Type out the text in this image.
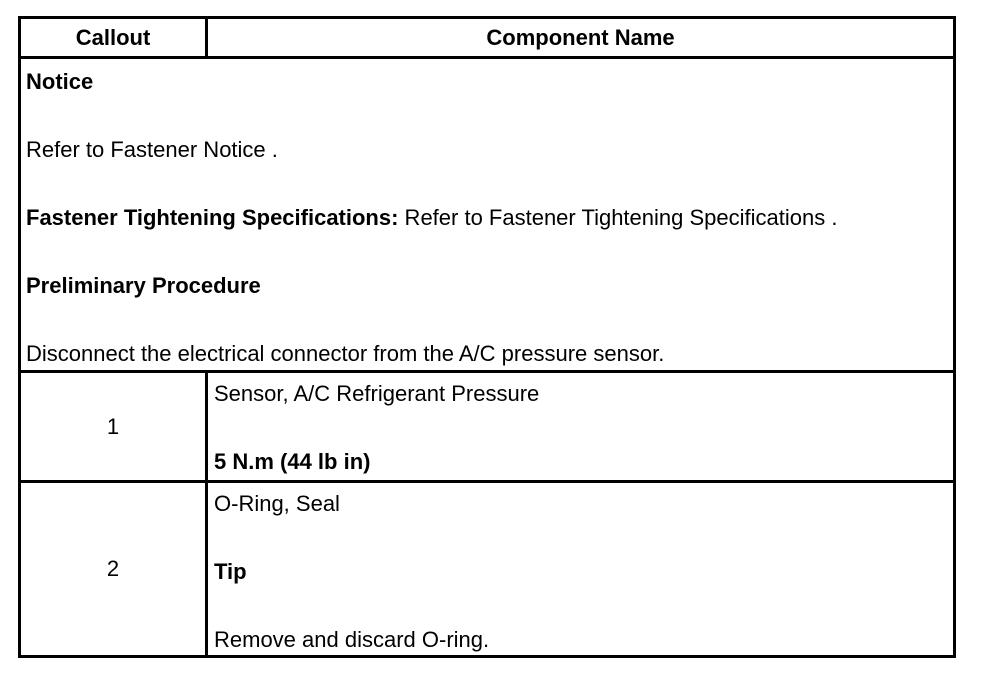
Callout	Component Name
Notice
Refer to Fastener Notice .
Fastener Tightening Specifications: Refer to Fastener Tightening Specifications .
Preliminary Procedure
Disconnect the electrical connector from the A/C pressure sensor.
1
Sensor, A/C Refrigerant Pressure
5 N.m (44 lb in)
2
O-Ring, Seal
Tip
Remove and discard O-ring.
